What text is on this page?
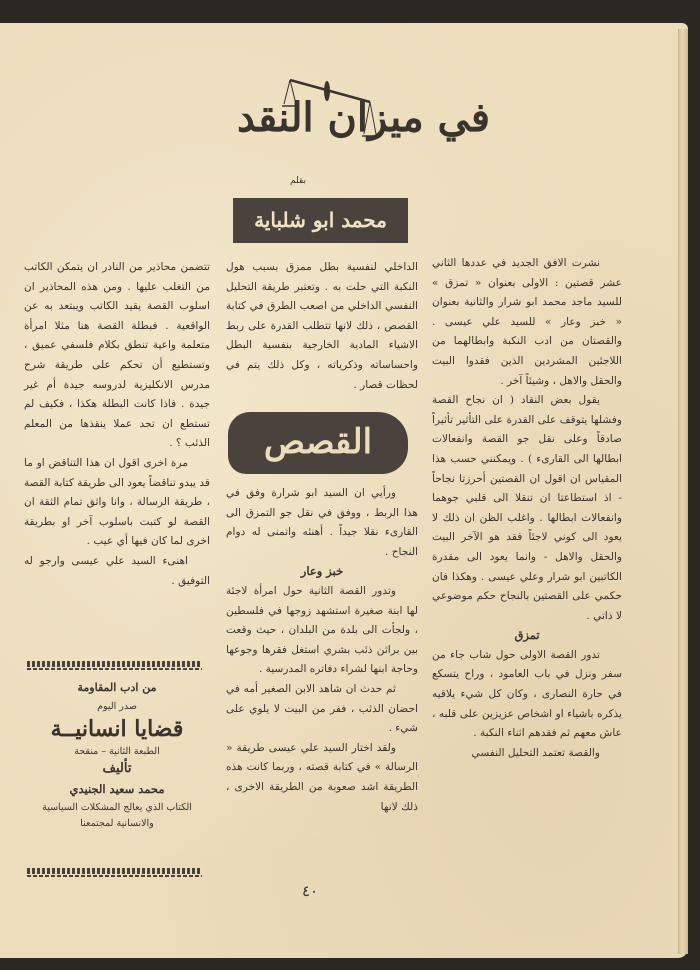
في ميزان النقد
بقلم
محمد ابو شلباية

نشرت الافق الجديد في عددها الثاني عشر قصتين : الاولى بعنوان « تمزق » للسيد ماجد محمد ابو شرار والثانية بعنوان « خبز وعار » للسيد علي عيسى . والقصتان من ادب النكبة وابطالهما من اللاجئين المشردين الذين فقدوا البيت والحقل والاهل ، وشيئاً آخر .

يقول بعض النقاد ( ان نجاح القصة وفشلها يتوقف على القدرة على التأثير تأثيراً صادقاً وعلى نقل جو القصة وانفعالات ابطالها الى القارىء ) . ويمكنني حسب هذا المقياس ان اقول ان القصتين أحرزتا نجاحاً - اذ استطاعتا ان تنقلا الى قلبي جوهما وانفعالات ابطالها . واغلب الظن ان ذلك لا يعود الى كوني لاجئاً فقد هو الآخر البيت والحقل والاهل - وانما يعود الى مقدرة الكاتبين ابو شرار وعلي عيسى . وهكذا فان حكمي على القصتين بالنجاح حكم موضوعي لا ذاتي .

تمزق

تدور القصة الاولى حول شاب جاء من سفر ونزل في باب العامود ، وراح يتسكع في حارة النصارى ، وكان كل شيء يلاقيه يذكره باشياء او اشخاص عزيزين على قلبه ، عاش معهم ثم فقدهم اثناء النكبة .

والقصة تعتمد التحليل النفسي

الداخلي لنفسية بطل ممزق بسبب هول النكبة التي حلت به . وتعتبر طريقة التحليل النفسي الداخلي من اصعب الطرق في كتابة القصص ، ذلك لانها تتطلب القدرة على ربط الاشياء المادية الخارجية بنفسية البطل واحساساته وذكرياته ، وكل ذلك يتم في لحظات قصار .

القصص

ورأيي ان السيد ابو شرارة وفق في هذا الربط ، ووفق في نقل جو التمزق الى القارىء نقلا جيداً . أهنئه واتمنى له دوام النجاح .

خبز وعار

وتدور القصة الثانية حول امرأة لاجئة لها ابنة صغيرة استشهد زوجها في فلسطين ، ولجأت الى بلدة من البلدان ، حيث وقعت بين براثن ذئب بشري استغل فقرها وجوعها وحاجة ابنها لشراء دفاتره المدرسية .

ثم حدث ان شاهد الابن الصغير أمه في احضان الذئب ، ففر من البيت لا يلوي على شيء .

ولقد اختار السيد علي عيسى طريقة « الرسالة » في كتابة قصته ، وربما كانت هذه الطريقة اشد صعوبة من الطريقة الاخرى ، ذلك لانها

تتضمن محاذير من النادر ان يتمكن الكاتب من التغلب عليها . ومن هذه المحاذير ان اسلوب القصة يقيد الكاتب ويبتعد به عن الواقعية . فبطلة القصة هنا مثلا امرأة متعلمة واعية تنطق بكلام فلسفي عميق ، وتستطيع أن تحكم على طريقة شرح مدرس الانكليزية لدروسه جيدة أم غير جيدة . فاذا كانت البطلة هكذا ، فكيف لم تستطع ان تجد عملا ينقذها من المعلم الذئب ؟ .

مرة اخرى اقول ان هذا التناقض او ما قد يبدو تناقضاً يعود الى طريقة كتابة القصة ، طريقة الرسالة ، وانا واثق تمام الثقة ان القصة لو كتبت باسلوب آخر او بطريقة اخرى لما كان فيها أي عيب .

اهنىء السيد علي عيسى وارجو له التوفيق .

من ادب المقاومة
صدر اليوم
قضايا انسانيــة
الطبعة الثانية – منقحة
تأليف
محمد سعيد الجنيدي
الكتاب الذي يعالج المشكلات السياسية والانسانية لمجتمعنا
٤٠
